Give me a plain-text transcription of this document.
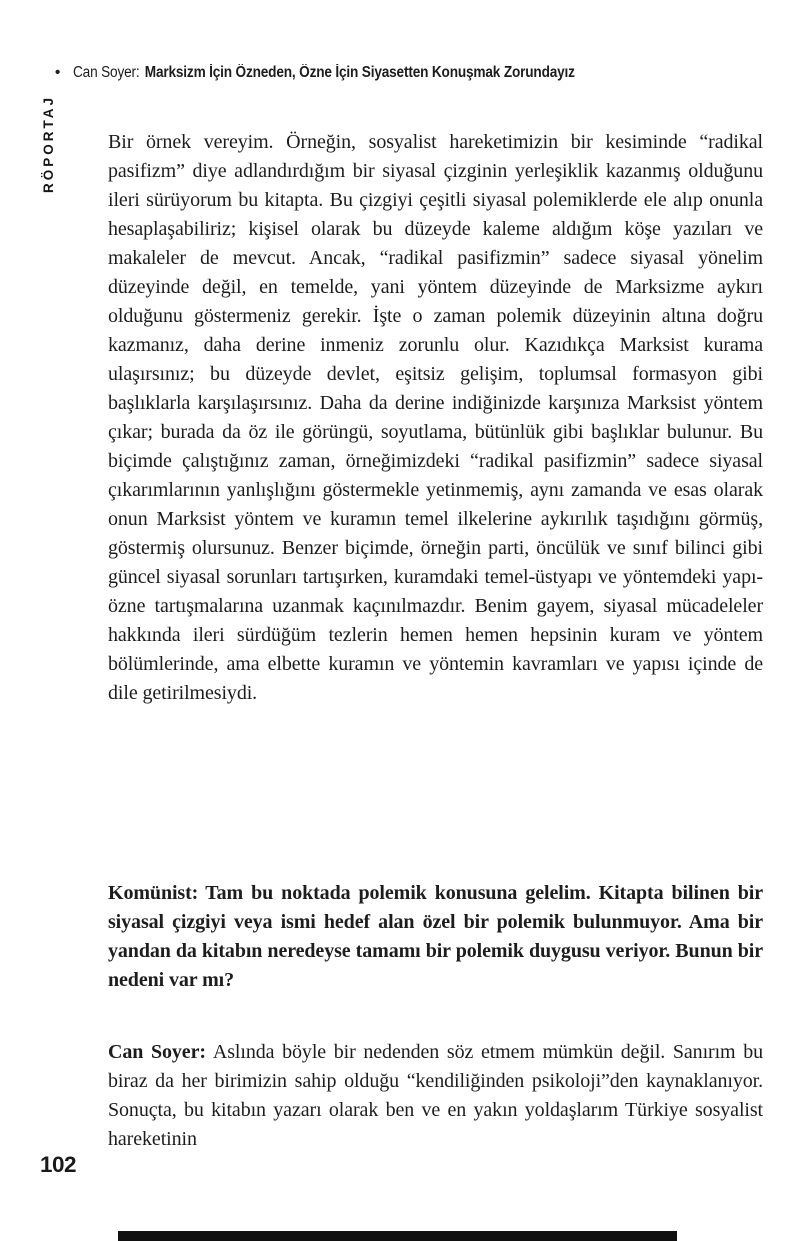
• Can Soyer: Marksizm İçin Özneden, Özne İçin Siyasetten Konuşmak Zorundayız
RÖPORTAJ	Bir örnek vereyim. Örneğin, sosyalist hareketimizin bir kesiminde “radikal pasifizm” diye adlandırdığım bir siyasal çizginin yerleşiklik kazanmış olduğunu ileri sürüyorum bu kitapta. Bu çizgiyi çeşitli siyasal polemiklerde ele alıp onunla hesaplaşabiliriz; kişisel olarak bu düzeyde kaleme aldığım köşe yazıları ve makaleler de mevcut. Ancak, “radikal pasifizmin” sadece siyasal yönelim düzeyinde değil, en temelde, yani yöntem düzeyinde de Marksizme aykırı olduğunu göstermeniz gerekir. İşte o zaman polemik düzeyinin altına doğru kazmanız, daha derine inmeniz zorunlu olur. Kazıdıkça Marksist kurama ulaşırsınız; bu düzeyde devlet, eşitsiz gelişim, toplumsal formasyon gibi başlıklarla karşılaşırsınız. Daha da derine indiğinizde karşınıza Marksist yöntem çıkar; burada da öz ile görüngü, soyutlama, bütünlük gibi başlıklar bulunur. Bu biçimde çalıştığınız zaman, örneğimizdeki “radikal pasifizmin” sadece siyasal çıkarımlarının yanlışlığını göstermekle yetinmemiş, aynı zamanda ve esas olarak onun Marksist yöntem ve kuramın temel ilkelerine aykırılık taşıdığını görmüş, göstermiş olursunuz. Benzer biçimde, örneğin parti, öncülük ve sınıf bilinci gibi güncel siyasal sorunları tartışırken, kuramdaki temel-üstyapı ve yöntemdeki yapı-özne tartışmalarına uzanmak kaçınılmazdır. Benim gayem, siyasal mücadeleler hakkında ileri sürdüğüm tezlerin hemen hemen hepsinin kuram ve yöntem bölümlerinde, ama elbette kuramın ve yöntemin kavramları ve yapısı içinde de dile getirilmesiydi.

Komünist: Tam bu noktada polemik konusuna gelelim. Kitapta bilinen bir siyasal çizgiyi veya ismi hedef alan özel bir polemik bulunmuyor. Ama bir yandan da kitabın neredeyse tamamı bir polemik duygusu veriyor. Bunun bir nedeni var mı?

Can Soyer: Aslında böyle bir nedenden söz etmem mümkün değil. Sanırım bu biraz da her birimizin sahip olduğu “kendiliğinden psikoloji”den kaynaklanıyor. Sonuçta, bu kitabın yazarı olarak ben ve en yakın yoldaşlarım Türkiye sosyalist hareketinin

102
